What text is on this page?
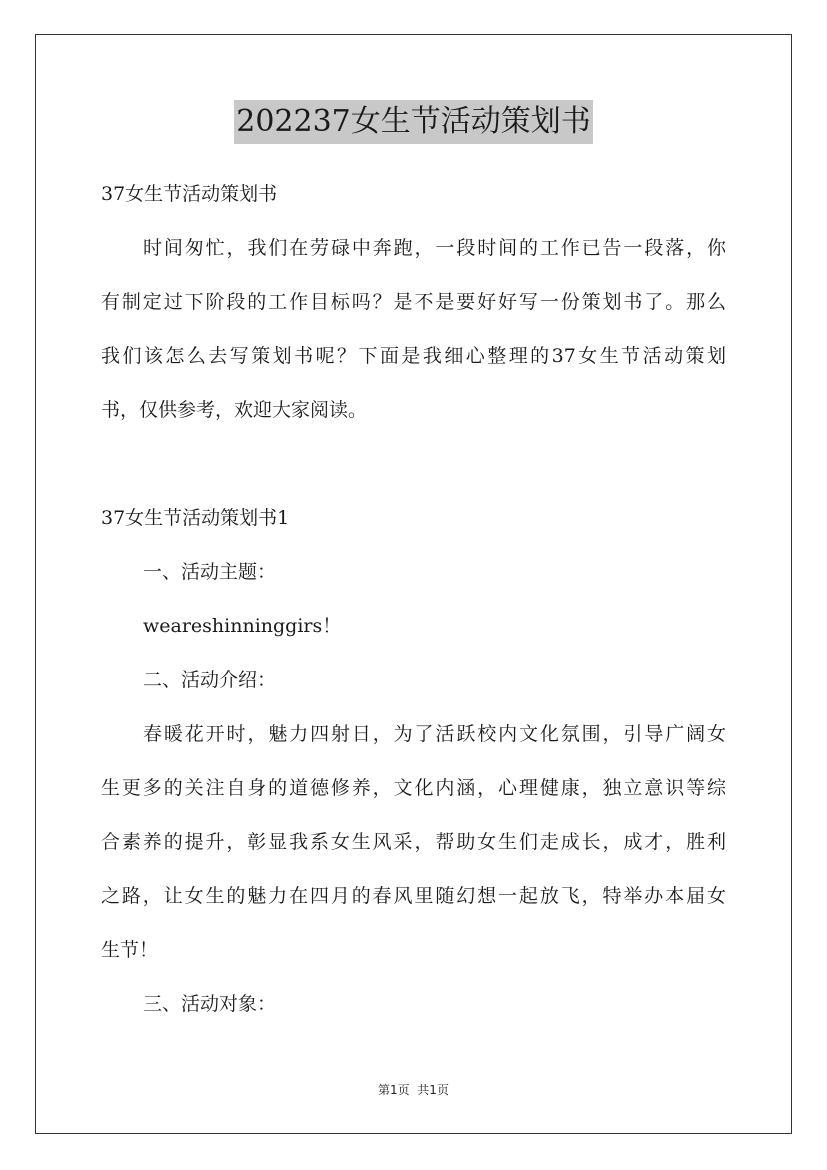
202237女生节活动策划书

37女生节活动策划书

时间匆忙，我们在劳碌中奔跑，一段时间的工作已告一段落，你

有制定过下阶段的工作目标吗？是不是要好好写一份策划书了。那么

我们该怎么去写策划书呢？下面是我细心整理的37女生节活动策划

书，仅供参考，欢迎大家阅读。

37女生节活动策划书1

一、活动主题：

weareshinninggirs！

二、活动介绍：

春暖花开时，魅力四射日，为了活跃校内文化氛围，引导广阔女

生更多的关注自身的道德修养，文化内涵，心理健康，独立意识等综

合素养的提升，彰显我系女生风采，帮助女生们走成长，成才，胜利

之路，让女生的魅力在四月的春风里随幻想一起放飞，特举办本届女

生节！

三、活动对象：

第1页  共1页
